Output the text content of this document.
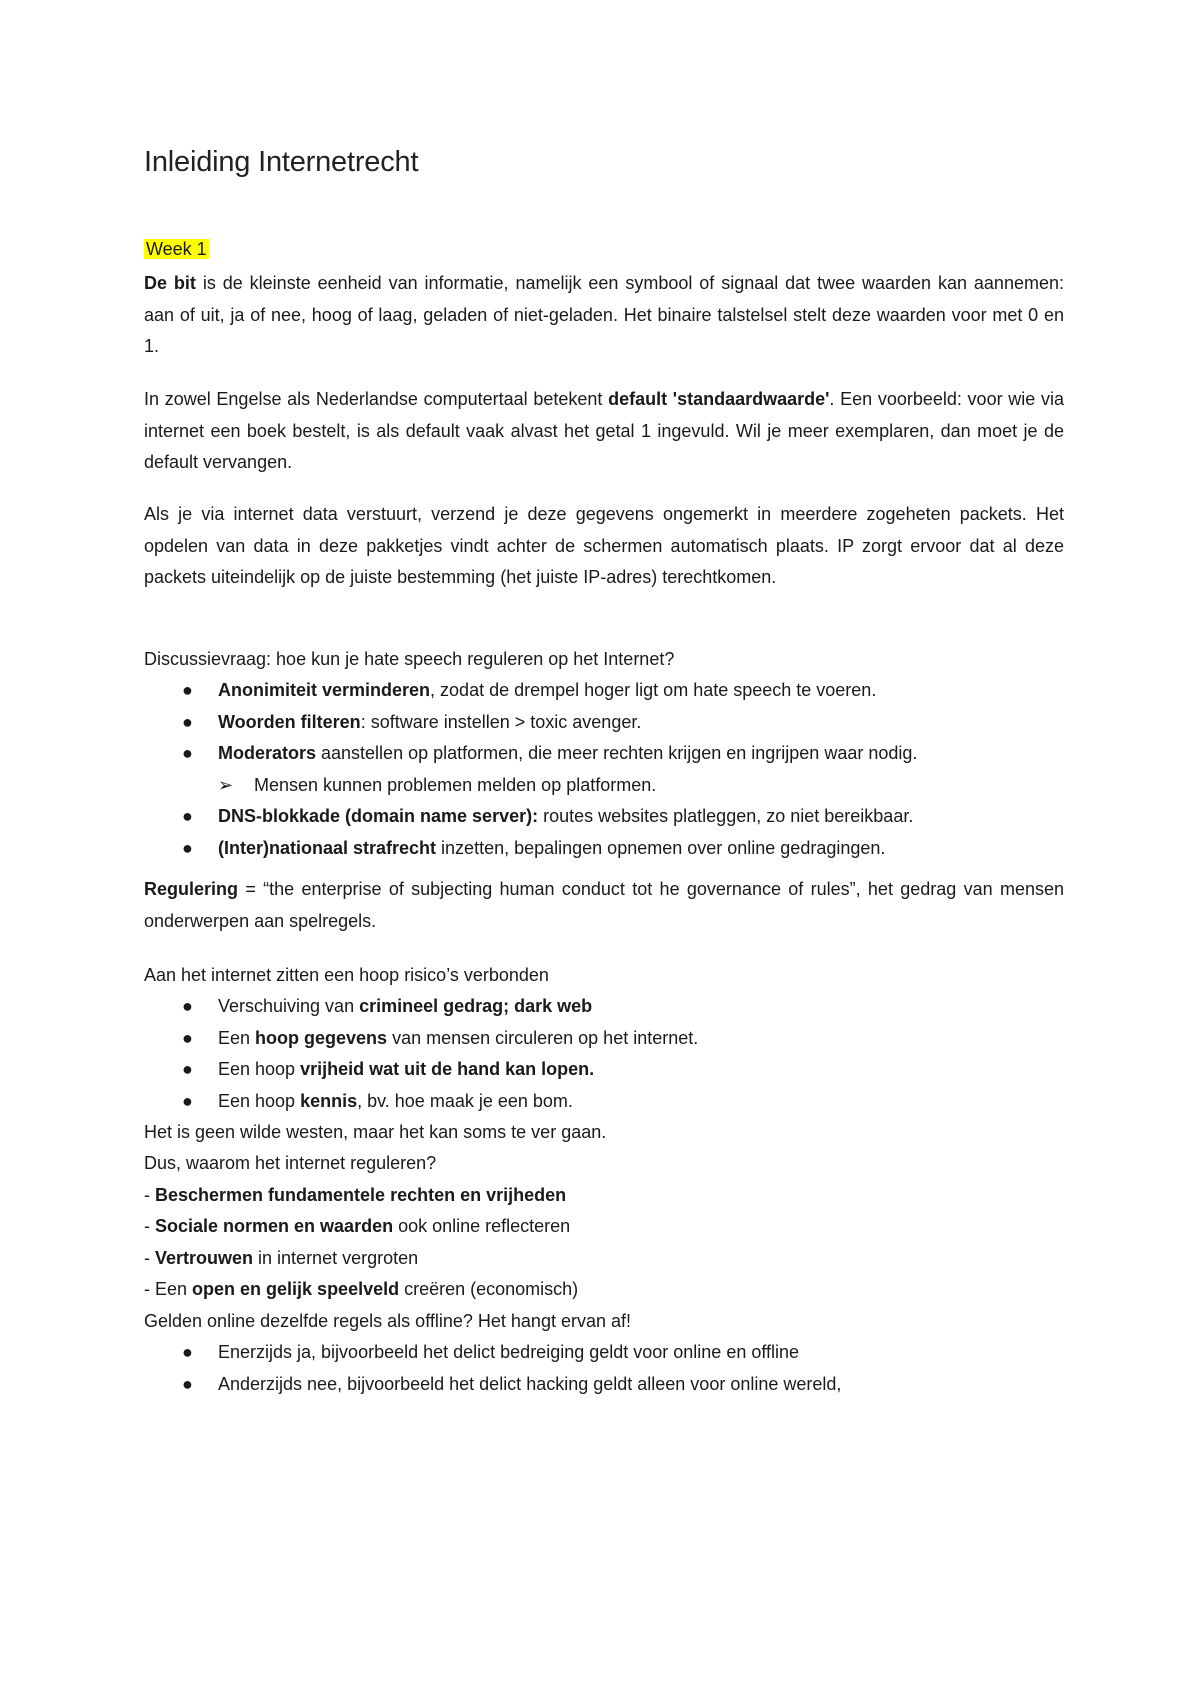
Inleiding Internetrecht

Week 1

De bit is de kleinste eenheid van informatie, namelijk een symbool of signaal dat twee waarden kan aannemen: aan of uit, ja of nee, hoog of laag, geladen of niet-geladen. Het binaire talstelsel stelt deze waarden voor met 0 en 1.

In zowel Engelse als Nederlandse computertaal betekent default 'standaardwaarde'. Een voorbeeld: voor wie via internet een boek bestelt, is als default vaak alvast het getal 1 ingevuld. Wil je meer exemplaren, dan moet je de default vervangen.

Als je via internet data verstuurt, verzend je deze gegevens ongemerkt in meerdere zogeheten packets. Het opdelen van data in deze pakketjes vindt achter de schermen automatisch plaats. IP zorgt ervoor dat al deze packets uiteindelijk op de juiste bestemming (het juiste IP-adres) terechtkomen.

Discussievraag: hoe kun je hate speech reguleren op het Internet?

● Anonimiteit verminderen, zodat de drempel hoger ligt om hate speech te voeren.
● Woorden filteren: software instellen > toxic avenger.
● Moderators aanstellen op platformen, die meer rechten krijgen en ingrijpen waar nodig.
➢ Mensen kunnen problemen melden op platformen.
● DNS-blokkade (domain name server): routes websites platleggen, zo niet bereikbaar.
● (Inter)nationaal strafrecht inzetten, bepalingen opnemen over online gedragingen.

Regulering = “the enterprise of subjecting human conduct tot he governance of rules”, het gedrag van mensen onderwerpen aan spelregels.

Aan het internet zitten een hoop risico’s verbonden

● Verschuiving van crimineel gedrag; dark web
● Een hoop gegevens van mensen circuleren op het internet.
● Een hoop vrijheid wat uit de hand kan lopen.
● Een hoop kennis, bv. hoe maak je een bom.

Het is geen wilde westen, maar het kan soms te ver gaan.

Dus, waarom het internet reguleren?

- Beschermen fundamentele rechten en vrijheden

- Sociale normen en waarden ook online reflecteren

- Vertrouwen in internet vergroten

- Een open en gelijk speelveld creëren (economisch)

Gelden online dezelfde regels als offline? Het hangt ervan af!

● Enerzijds ja, bijvoorbeeld het delict bedreiging geldt voor online en offline
● Anderzijds nee, bijvoorbeeld het delict hacking geldt alleen voor online wereld,
